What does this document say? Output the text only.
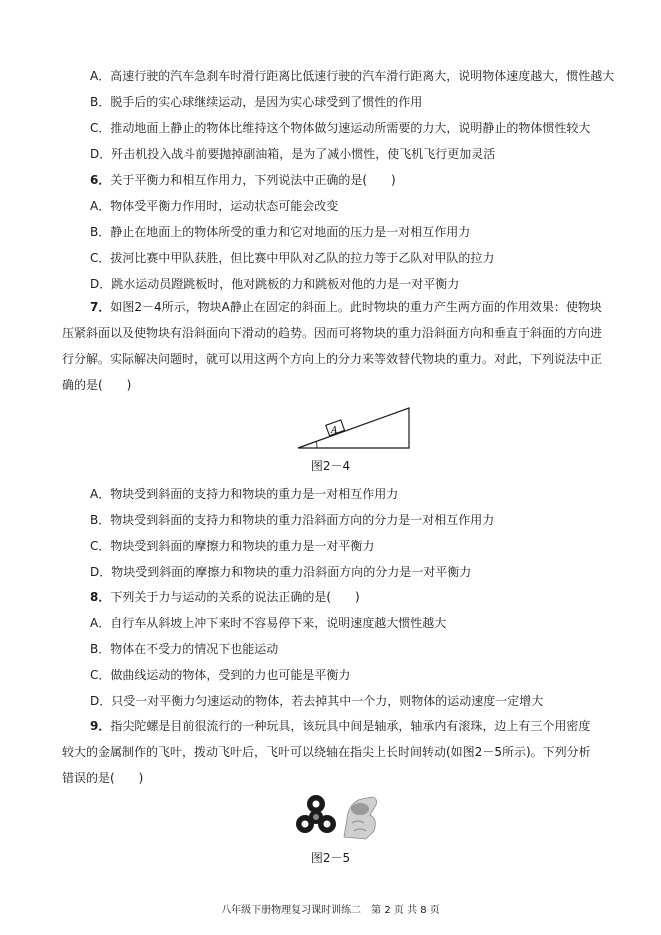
A．高速行驶的汽车急刹车时滑行距离比低速行驶的汽车滑行距离大，说明物体速度越大，惯性越大
B．脱手后的实心球继续运动，是因为实心球受到了惯性的作用
C．推动地面上静止的物体比维持这个物体做匀速运动所需要的力大，说明静止的物体惯性较大
D．歼击机投入战斗前要抛掉副油箱，是为了减小惯性，使飞机飞行更加灵活
6．关于平衡力和相互作用力，下列说法中正确的是(　　)
A．物体受平衡力作用时，运动状态可能会改变
B．静止在地面上的物体所受的重力和它对地面的压力是一对相互作用力
C．拔河比赛中甲队获胜，但比赛中甲队对乙队的拉力等于乙队对甲队的拉力
D．跳水运动员蹬跳板时，他对跳板的力和跳板对他的力是一对平衡力
7．如图2－4所示，物块A静止在固定的斜面上。此时物块的重力产生两方面的作用效果：使物块压紧斜面以及使物块有沿斜面向下滑动的趋势。因而可将物块的重力沿斜面方向和垂直于斜面的方向进行分解。实际解决问题时，就可以用这两个方向上的分力来等效替代物块的重力。对此，下列说法中正确的是(　　)
A
图2－4
A．物块受到斜面的支持力和物块的重力是一对相互作用力
B．物块受到斜面的支持力和物块的重力沿斜面方向的分力是一对相互作用力
C．物块受到斜面的摩擦力和物块的重力是一对平衡力
D．物块受到斜面的摩擦力和物块的重力沿斜面方向的分力是一对平衡力
8．下列关于力与运动的关系的说法正确的是(　　)
A．自行车从斜坡上冲下来时不容易停下来，说明速度越大惯性越大
B．物体在不受力的情况下也能运动
C．做曲线运动的物体，受到的力也可能是平衡力
D．只受一对平衡力匀速运动的物体，若去掉其中一个力，则物体的运动速度一定增大
9．指尖陀螺是目前很流行的一种玩具，该玩具中间是轴承，轴承内有滚珠，边上有三个用密度较大的金属制作的飞叶，拨动飞叶后，飞叶可以绕轴在指尖上长时间转动(如图2－5所示)。下列分析错误的是(　　)
图2－5
八年级下册物理复习课时训练二　第 2 页 共 8 页
